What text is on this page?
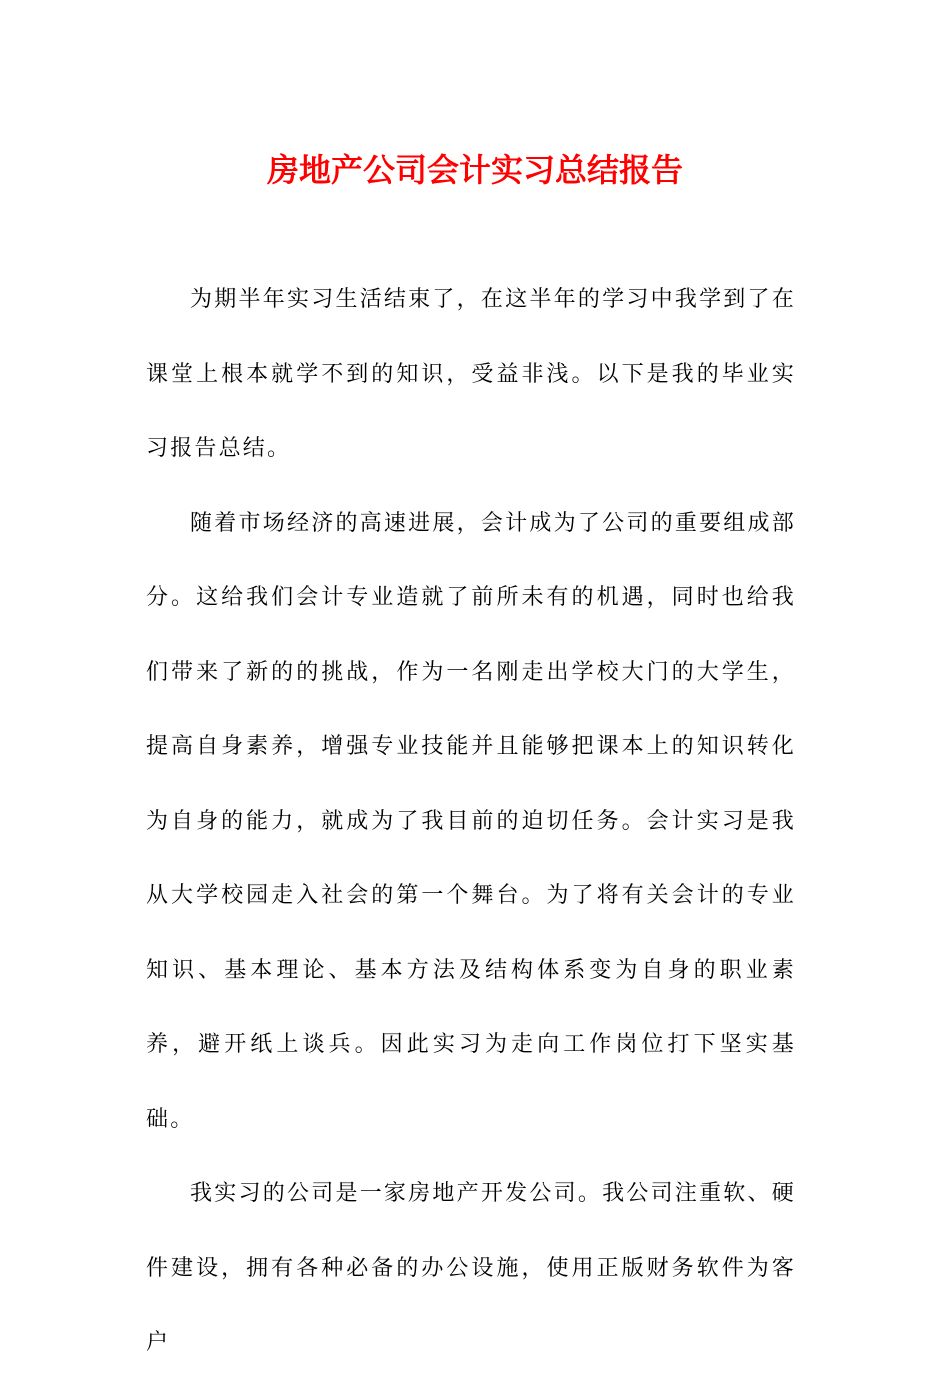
房地产公司会计实习总结报告

为期半年实习生活结束了，在这半年的学习中我学到了在课堂上根本就学不到的知识，受益非浅。以下是我的毕业实习报告总结。

随着市场经济的高速进展，会计成为了公司的重要组成部分。这给我们会计专业造就了前所未有的机遇，同时也给我们带来了新的的挑战，作为一名刚走出学校大门的大学生，提高自身素养，增强专业技能并且能够把课本上的知识转化为自身的能力，就成为了我目前的迫切任务。会计实习是我从大学校园走入社会的第一个舞台。为了将有关会计的专业知识、基本理论、基本方法及结构体系变为自身的职业素养，避开纸上谈兵。因此实习为走向工作岗位打下坚实基础。

我实习的公司是一家房地产开发公司。我公司注重软、硬件建设，拥有各种必备的办公设施，使用正版财务软件为客户
